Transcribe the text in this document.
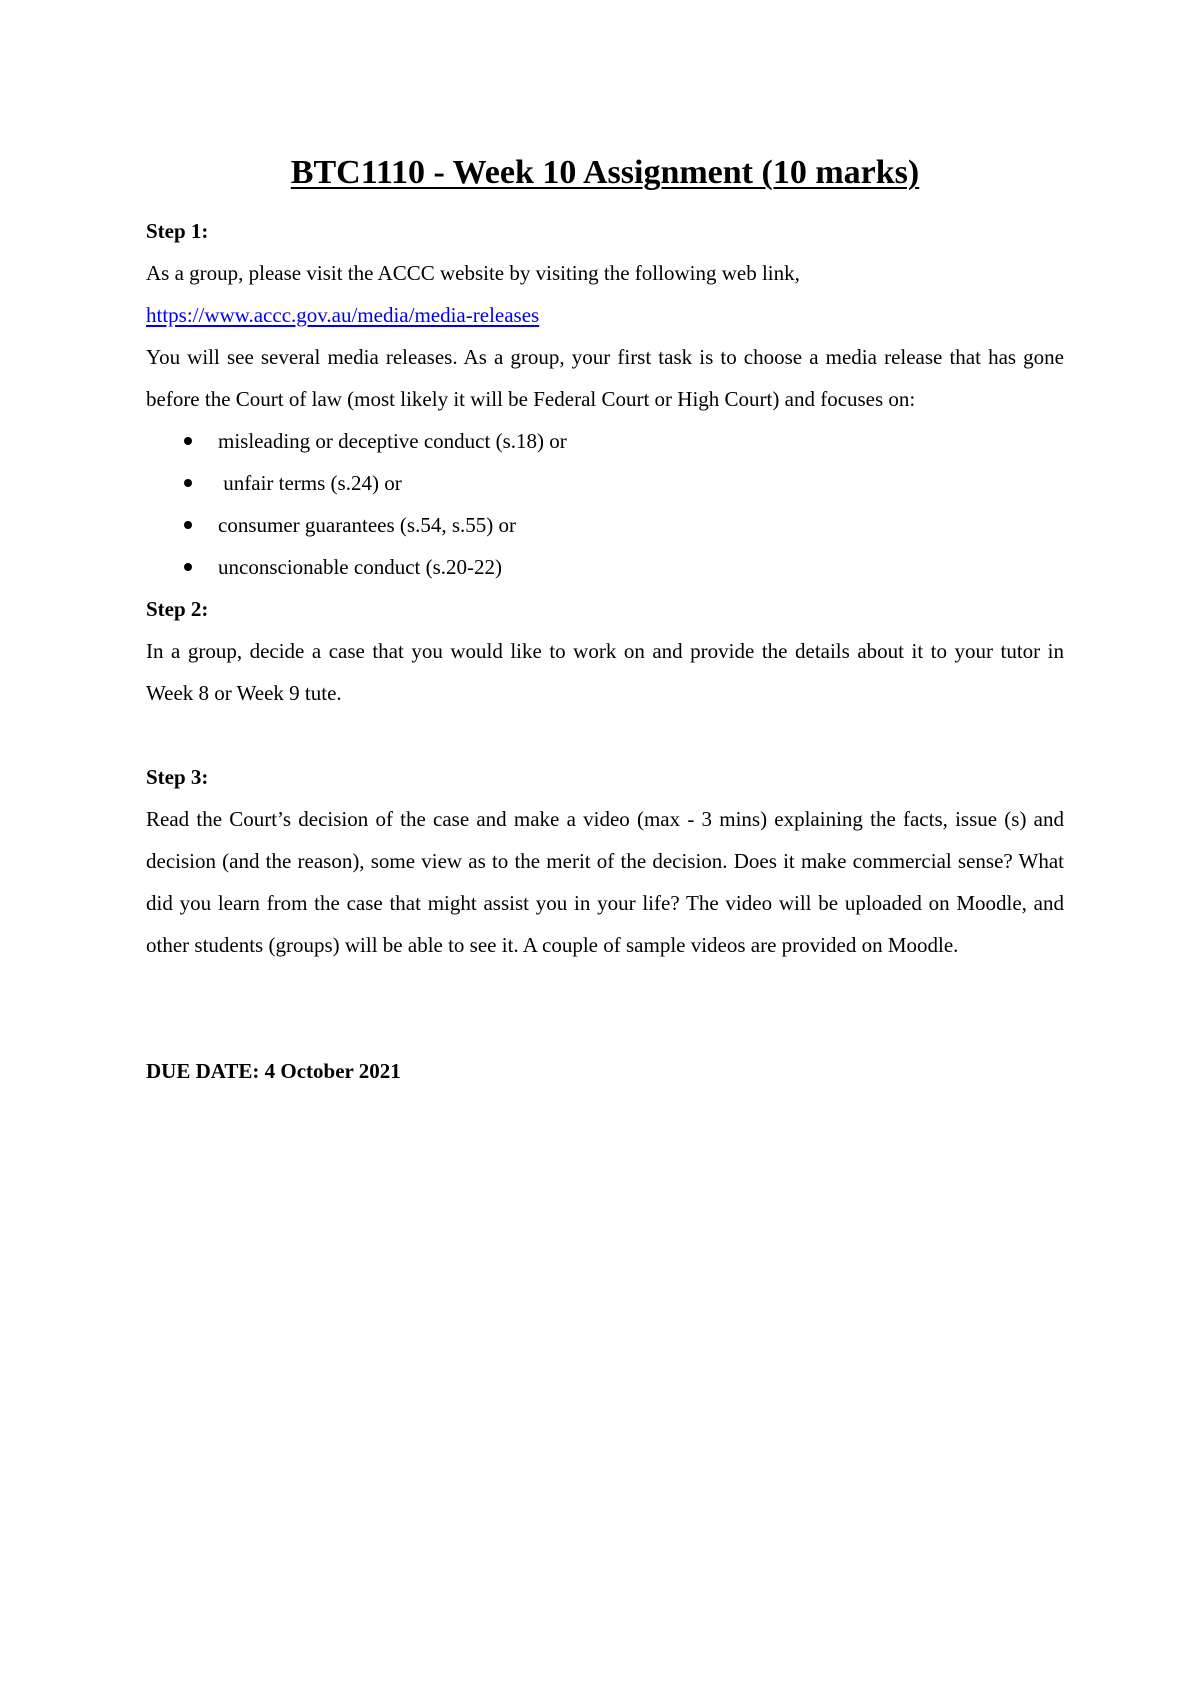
BTC1110 - Week 10 Assignment (10 marks)

Step 1:

As a group, please visit the ACCC website by visiting the following web link,

https://www.accc.gov.au/media/media-releases

You will see several media releases. As a group, your first task is to choose a media release that has gone before the Court of law (most likely it will be Federal Court or High Court) and focuses on:

misleading or deceptive conduct (s.18) or
unfair terms (s.24) or
consumer guarantees (s.54, s.55) or
unconscionable conduct (s.20-22)

Step 2:

In a group, decide a case that you would like to work on and provide the details about it to your tutor in Week 8 or Week 9 tute.

Step 3:

Read the Court’s decision of the case and make a video (max - 3 mins) explaining the facts, issue (s) and decision (and the reason), some view as to the merit of the decision. Does it make commercial sense? What did you learn from the case that might assist you in your life? The video will be uploaded on Moodle, and other students (groups) will be able to see it. A couple of sample videos are provided on Moodle.

DUE DATE: 4 October 2021
